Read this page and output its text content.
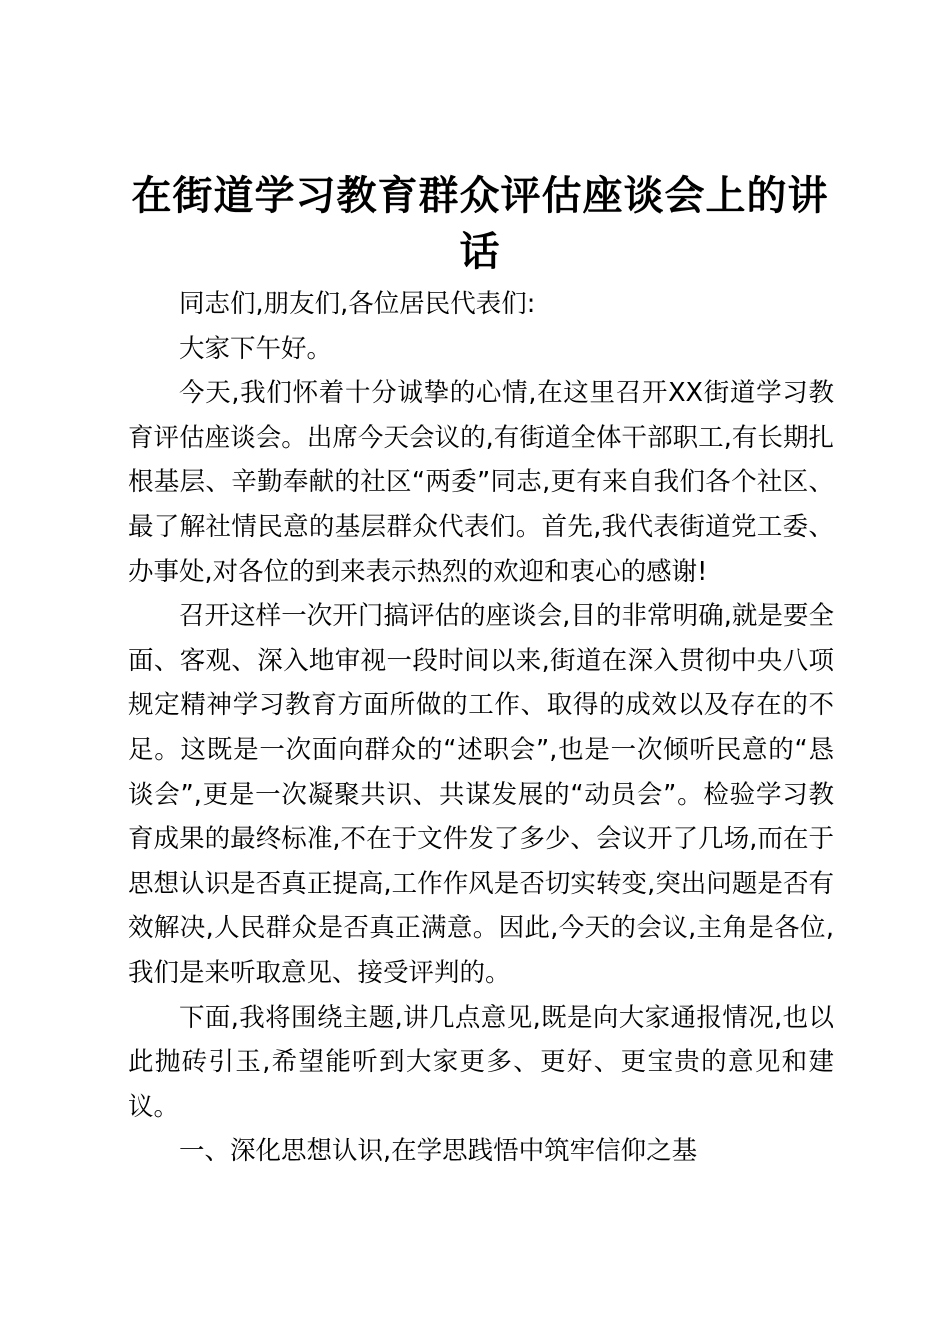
在街道学习教育群众评估座谈会上的讲话

同志们,朋友们,各位居民代表们:

大家下午好。

今天,我们怀着十分诚挚的心情,在这里召开XX街道学习教育评估座谈会。出席今天会议的,有街道全体干部职工,有长期扎根基层、辛勤奉献的社区“两委”同志,更有来自我们各个社区、最了解社情民意的基层群众代表们。首先,我代表街道党工委、办事处,对各位的到来表示热烈的欢迎和衷心的感谢!

召开这样一次开门搞评估的座谈会,目的非常明确,就是要全面、客观、深入地审视一段时间以来,街道在深入贯彻中央八项规定精神学习教育方面所做的工作、取得的成效以及存在的不足。这既是一次面向群众的“述职会”,也是一次倾听民意的“恳谈会”,更是一次凝聚共识、共谋发展的“动员会”。检验学习教育成果的最终标准,不在于文件发了多少、会议开了几场,而在于思想认识是否真正提高,工作作风是否切实转变,突出问题是否有效解决,人民群众是否真正满意。因此,今天的会议,主角是各位,我们是来听取意见、接受评判的。

下面,我将围绕主题,讲几点意见,既是向大家通报情况,也以此抛砖引玉,希望能听到大家更多、更好、更宝贵的意见和建议。

一、深化思想认识,在学思践悟中筑牢信仰之基
